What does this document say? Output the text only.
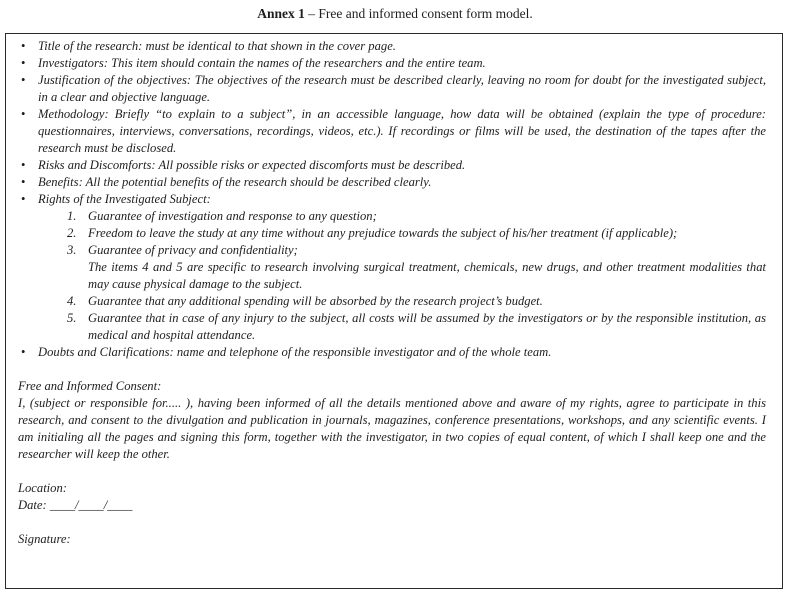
Annex 1 – Free and informed consent form model.
• Title of the research: must be identical to that shown in the cover page.
• Investigators: This item should contain the names of the researchers and the entire team.
• Justification of the objectives: The objectives of the research must be described clearly, leaving no room for doubt for the investigated subject, in a clear and objective language.
• Methodology: Briefly “to explain to a subject”, in an accessible language, how data will be obtained (explain the type of procedure: questionnaires, interviews, conversations, recordings, videos, etc.). If recordings or films will be used, the destination of the tapes after the research must be disclosed.
• Risks and Discomforts: All possible risks or expected discomforts must be described.
• Benefits: All the potential benefits of the research should be described clearly.
• Rights of the Investigated Subject:
1. Guarantee of investigation and response to any question;
2. Freedom to leave the study at any time without any prejudice towards the subject of his/her treatment (if applicable);
3. Guarantee of privacy and confidentiality;
The items 4 and 5 are specific to research involving surgical treatment, chemicals, new drugs, and other treatment modalities that may cause physical damage to the subject.
4. Guarantee that any additional spending will be absorbed by the research project’s budget.
5. Guarantee that in case of any injury to the subject, all costs will be assumed by the investigators or by the responsible institution, as medical and hospital attendance.
• Doubts and Clarifications: name and telephone of the responsible investigator and of the whole team.
Free and Informed Consent:
I, (subject or responsible for..... ), having been informed of all the details mentioned above and aware of my rights, agree to participate in this research, and consent to the divulgation and publication in journals, magazines, conference presentations, workshops, and any scientific events. I am initialing all the pages and signing this form, together with the investigator, in two copies of equal content, of which I shall keep one and the researcher will keep the other.
Location:
Date: ____/____/____
Signature:
